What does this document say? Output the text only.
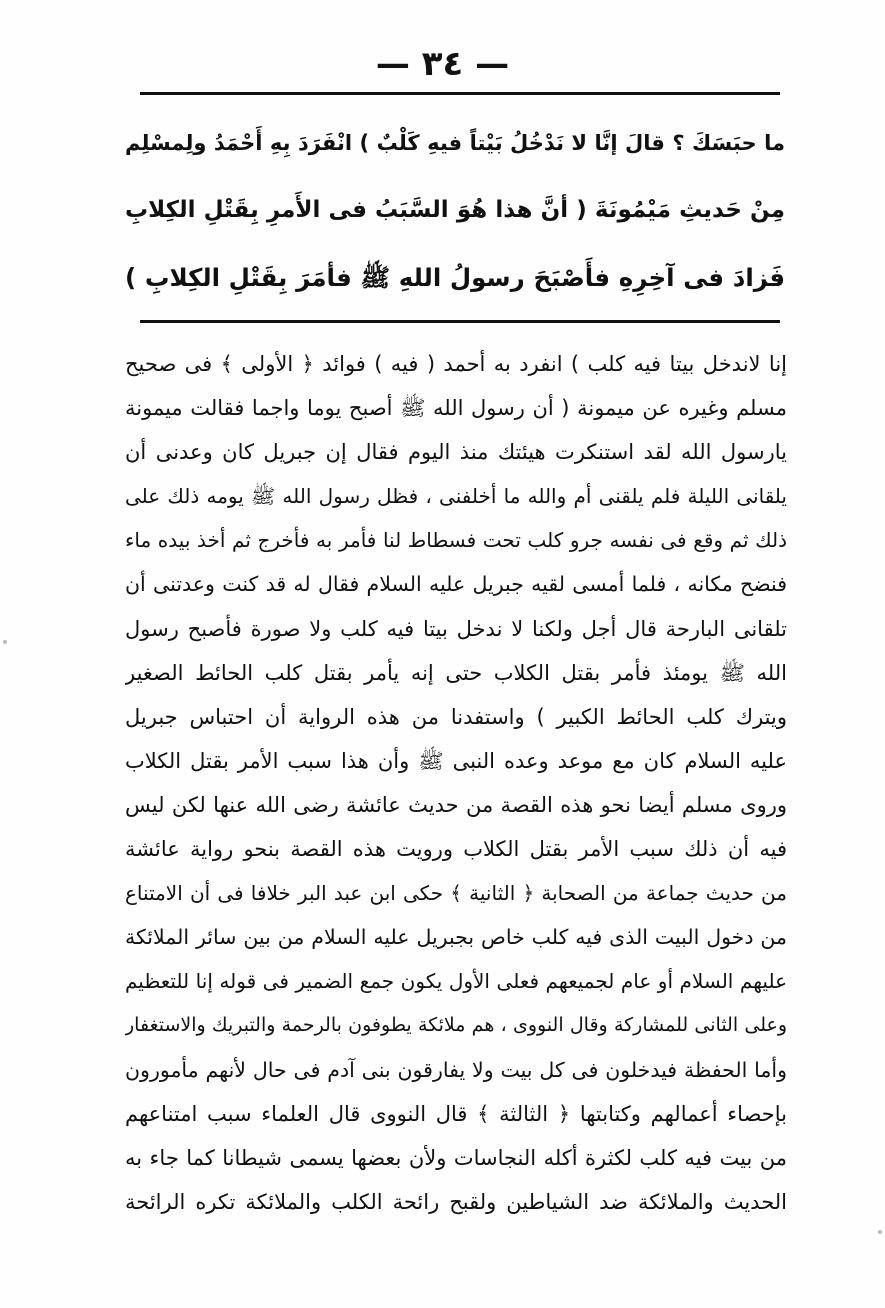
— ٣٤ —
ما حبَسَكَ ؟ قالَ إنَّا لا نَدْخُلُ بَيْتاً فيهِ كَلْبٌ ) انْفَرَدَ بِهِ أَحْمَدُ ولِمسْلِم
مِنْ حَديثِ مَيْمُونَةَ ( أنَّ هذا هُوَ السَّبَبُ فى الأَمرِ بِقَتْلِ الكِلابِ
فَزادَ فى آخِرِهِ فأَصْبَحَ رسولُ اللهِ ﷺ فأمَرَ بِقَتْلِ الكِلابِ )
إنا لاندخل بيتا فيه كلب ) انفرد به أحمد ( فيه ) فوائد ﴿ الأولى ﴾ فى صحيح
مسلم وغيره عن ميمونة ( أن رسول الله ﷺ أصبح يوما واجما فقالت ميمونة
يارسول الله لقد استنكرت هيئتك منذ اليوم فقال إن جبريل كان وعدنى أن
يلقانى الليلة فلم يلقنى أم والله ما أخلفنى ، فظل رسول الله ﷺ يومه ذلك على
ذلك ثم وقع فى نفسه جرو كلب تحت فسطاط لنا فأمر به فأخرج ثم أخذ بيده ماء
فنضح مكانه ، فلما أمسى لقيه جبريل عليه السلام فقال له قد كنت وعدتنى أن
تلقانى البارحة قال أجل ولكنا لا ندخل بيتا فيه كلب ولا صورة فأصبح رسول
الله ﷺ يومئذ فأمر بقتل الكلاب حتى إنه يأمر بقتل كلب الحائط الصغير
ويترك كلب الحائط الكبير ) واستفدنا من هذه الرواية أن احتباس جبريل
عليه السلام كان مع موعد وعده النبى ﷺ وأن هذا سبب الأمر بقتل الكلاب
وروى مسلم أيضا نحو هذه القصة من حديث عائشة رضى الله عنها لكن ليس
فيه أن ذلك سبب الأمر بقتل الكلاب ورويت هذه القصة بنحو رواية عائشة
من حديث جماعة من الصحابة ﴿ الثانية ﴾ حكى ابن عبد البر خلافا فى أن الامتناع
من دخول البيت الذى فيه كلب خاص بجبريل عليه السلام من بين سائر الملائكة
عليهم السلام أو عام لجميعهم فعلى الأول يكون جمع الضمير فى قوله إنا للتعظيم
وعلى الثانى للمشاركة وقال النووى ، هم ملائكة يطوفون بالرحمة والتبريك والاستغفار
وأما الحفظة فيدخلون فى كل بيت ولا يفارقون بنى آدم فى حال لأنهم مأمورون
بإحصاء أعمالهم وكتابتها ﴿ الثالثة ﴾ قال النووى قال العلماء سبب امتناعهم
من بيت فيه كلب لكثرة أكله النجاسات ولأن بعضها يسمى شيطانا كما جاء به
الحديث والملائكة ضد الشياطين ولقبح رائحة الكلب والملائكة تكره الرائحة
